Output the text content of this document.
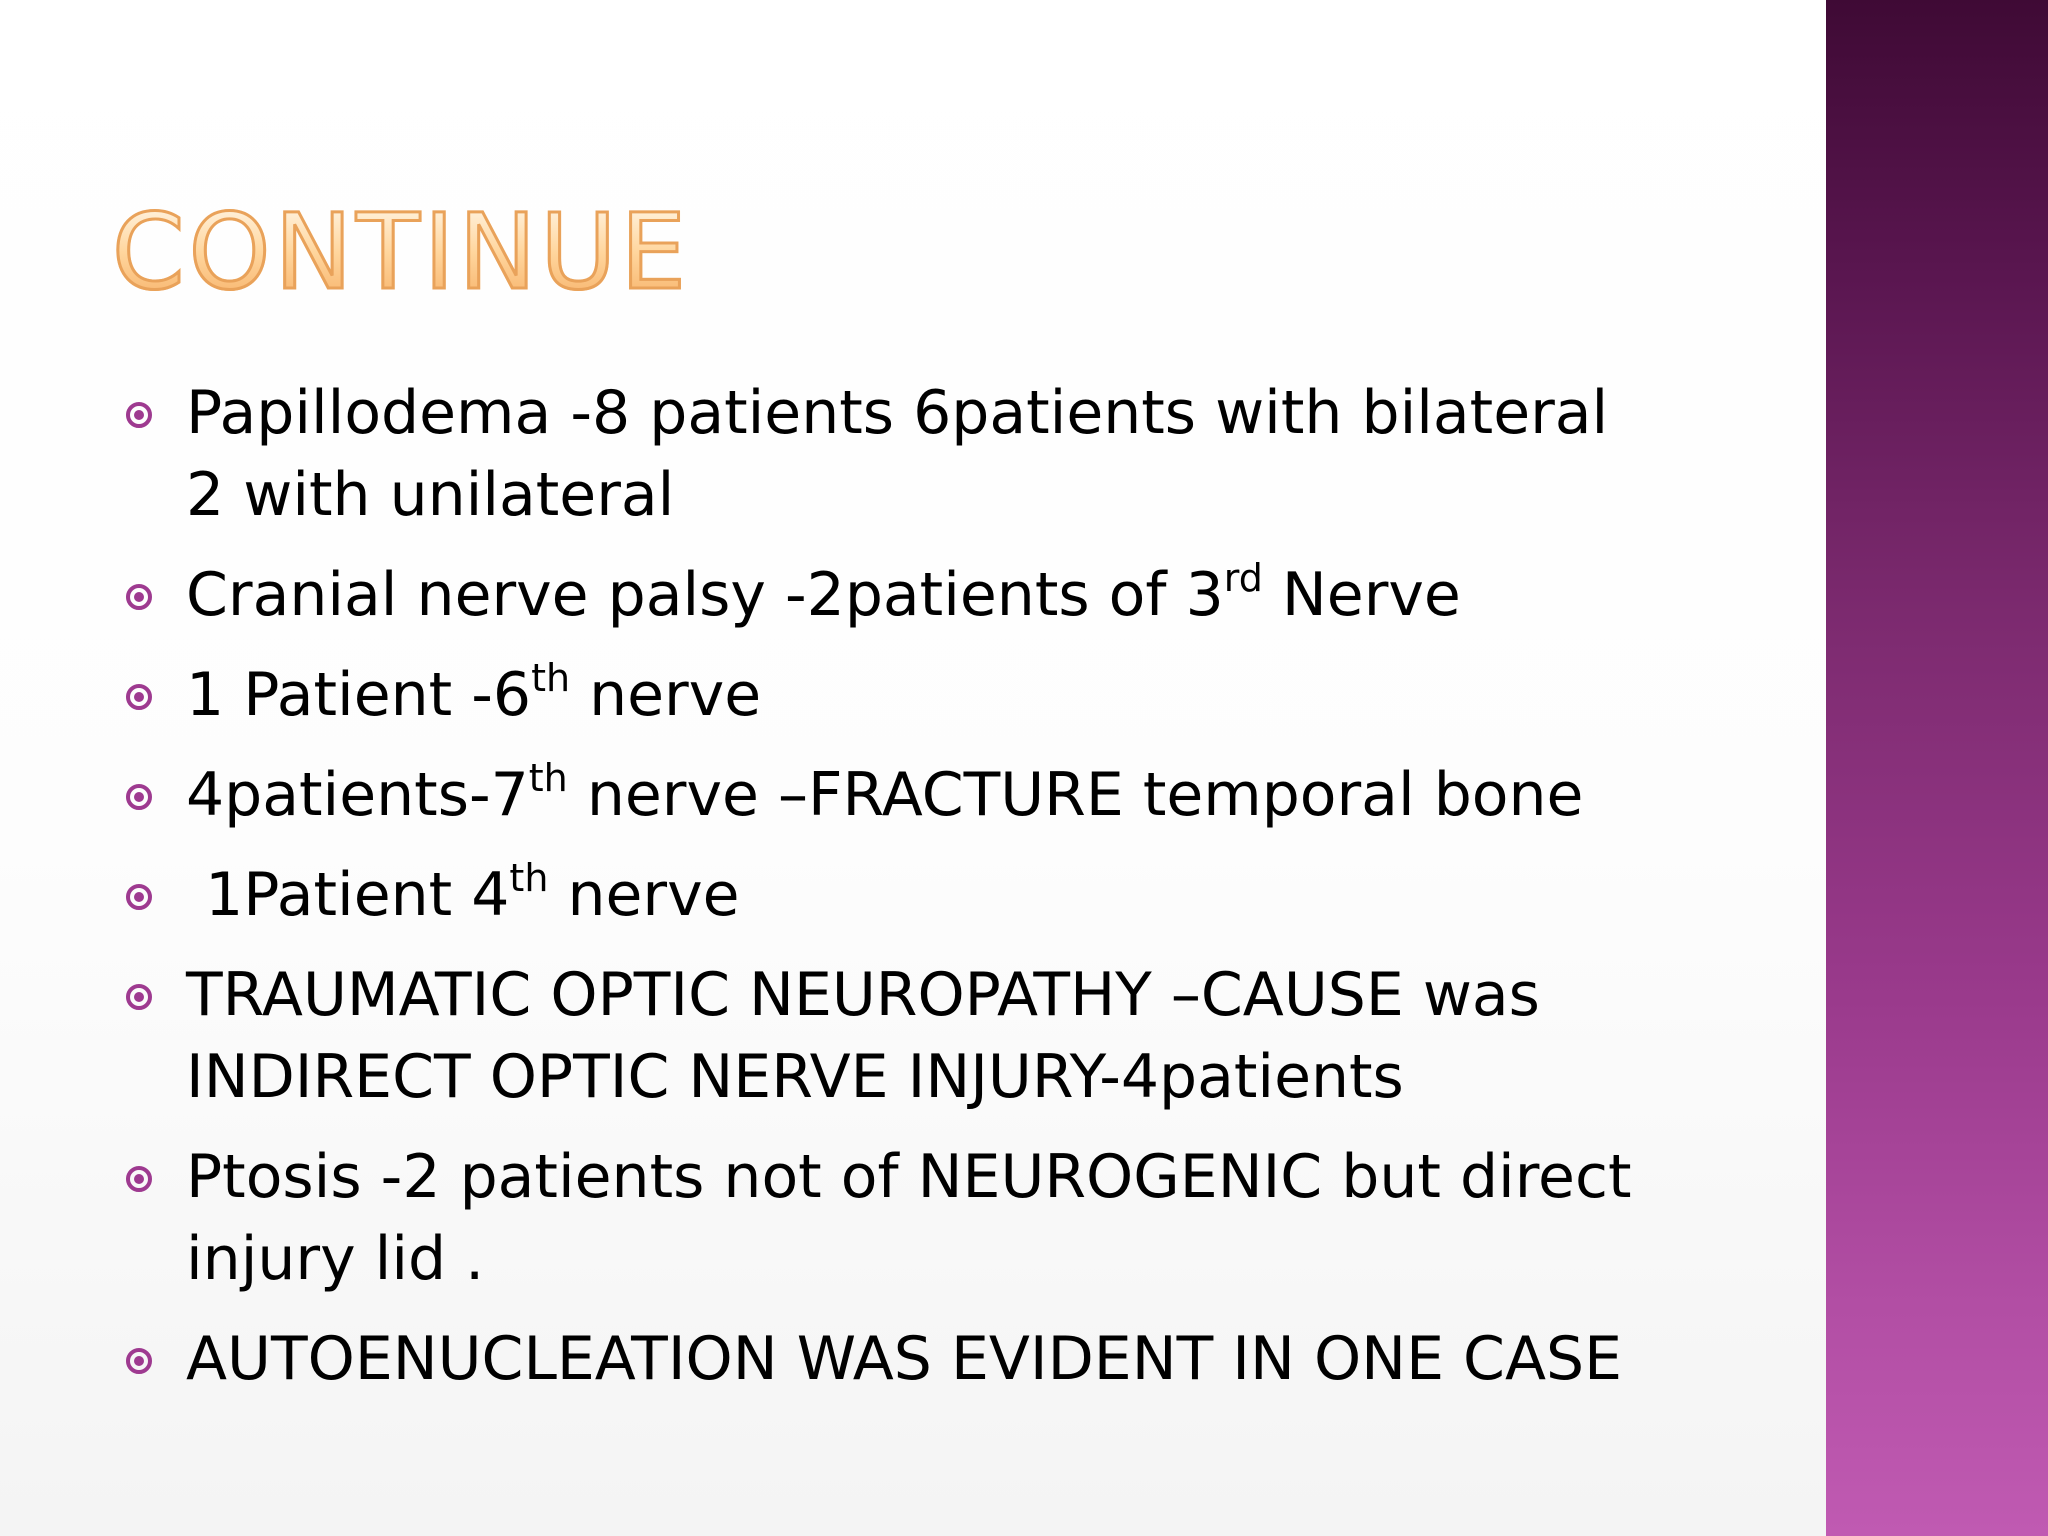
CONTINUE
Papillodema -8 patients 6patients with bilateral
2 with unilateral
Cranial nerve palsy -2patients of 3rd Nerve
1 Patient -6th nerve
4patients-7th nerve –FRACTURE temporal bone
1Patient 4th nerve
TRAUMATIC OPTIC NEUROPATHY –CAUSE was
INDIRECT OPTIC NERVE INJURY-4patients
Ptosis -2 patients not of NEUROGENIC but direct
injury lid .
AUTOENUCLEATION WAS EVIDENT IN ONE CASE
